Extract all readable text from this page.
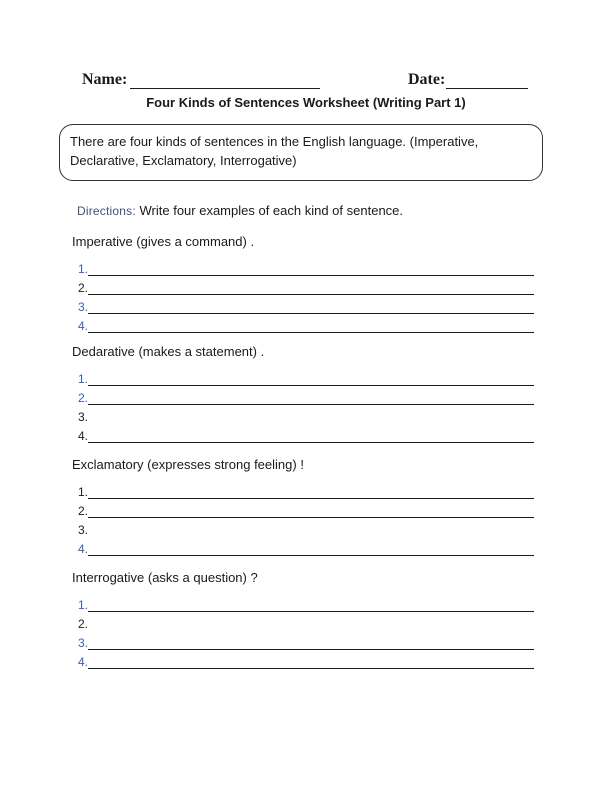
Name:	Date:
Four Kinds of Sentences Worksheet (Writing Part 1)
There are four kinds of sentences in the English language. (Imperative, Declarative, Exclamatory, Interrogative)
Directions: Write four examples of each kind of sentence.
Imperative (gives a command) .
1.
2.
3.
4.
Dedarative (makes a statement) .
1.
2.
3.
4.
Exclamatory (expresses strong feeling) !
1.
2.
3.
4.
Interrogative (asks a question) ?
1.
2.
3.
4.
